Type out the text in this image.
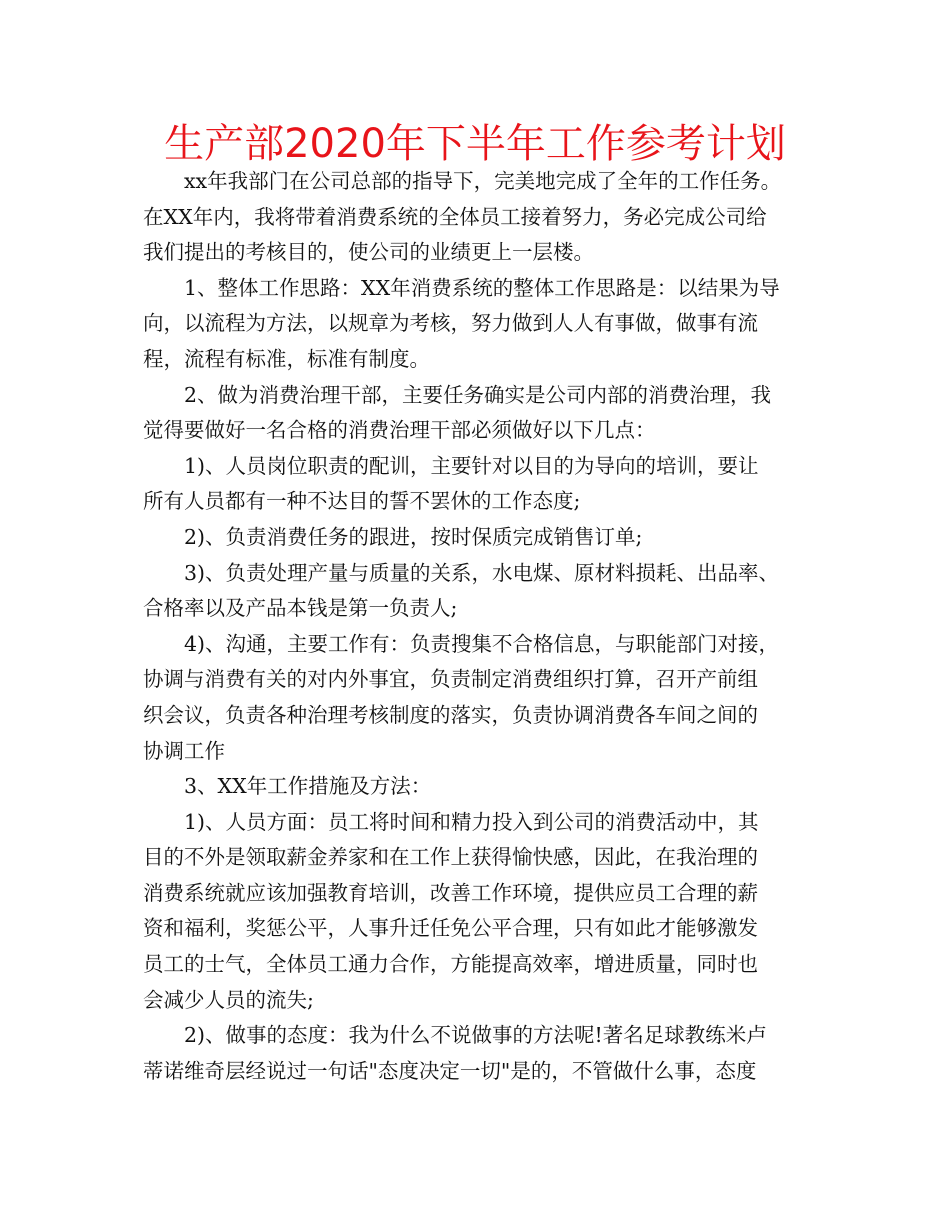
生产部2020年下半年工作参考计划
xx年我部门在公司总部的指导下，完美地完成了全年的工作任务。
在XX年内，我将带着消费系统的全体员工接着努力，务必完成公司给
我们提出的考核目的，使公司的业绩更上一层楼。
1、整体工作思路：XX年消费系统的整体工作思路是：以结果为导
向，以流程为方法，以规章为考核，努力做到人人有事做，做事有流
程，流程有标准，标准有制度。
2、做为消费治理干部，主要任务确实是公司内部的消费治理，我
觉得要做好一名合格的消费治理干部必须做好以下几点：
1)、人员岗位职责的配训，主要针对以目的为导向的培训，要让
所有人员都有一种不达目的誓不罢休的工作态度;
2)、负责消费任务的跟进，按时保质完成销售订单;
3)、负责处理产量与质量的关系，水电煤、原材料损耗、出品率、
合格率以及产品本钱是第一负责人;
4)、沟通，主要工作有：负责搜集不合格信息，与职能部门对接，
协调与消费有关的对内外事宜，负责制定消费组织打算，召开产前组
织会议，负责各种治理考核制度的落实，负责协调消费各车间之间的
协调工作
3、XX年工作措施及方法：
1)、人员方面：员工将时间和精力投入到公司的消费活动中，其
目的不外是领取薪金养家和在工作上获得愉快感，因此，在我治理的
消费系统就应该加强教育培训，改善工作环境，提供应员工合理的薪
资和福利，奖惩公平，人事升迁任免公平合理，只有如此才能够激发
员工的士气，全体员工通力合作，方能提高效率，增进质量，同时也
会减少人员的流失;
2)、做事的态度：我为什么不说做事的方法呢!著名足球教练米卢
蒂诺维奇层经说过一句话"态度决定一切"是的，不管做什么事，态度
